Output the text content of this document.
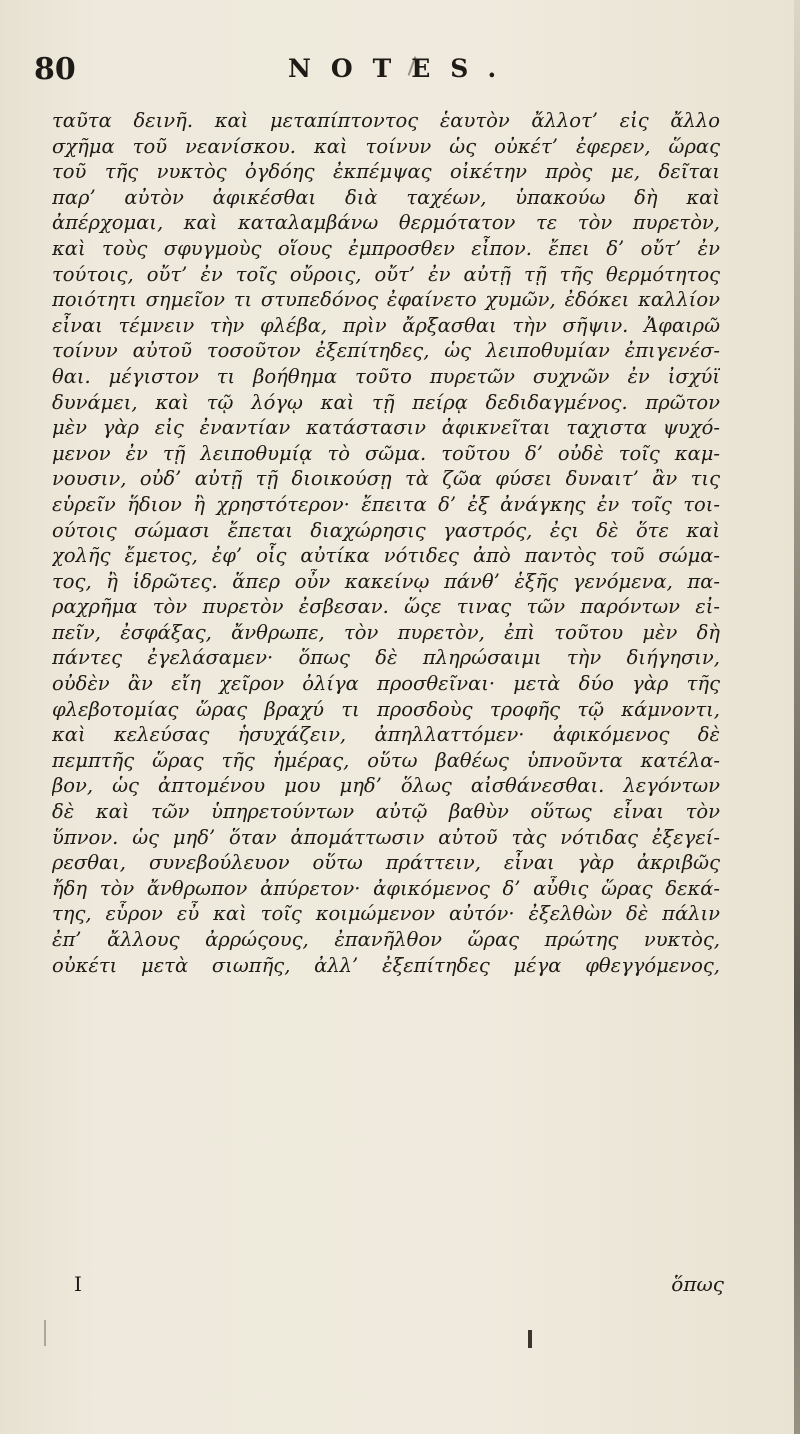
80	NOTES.
ταῦτα δεινῆ. καὶ μεταπίπτοντος ἑαυτὸν ἄλλοτ’ εἰς ἄλλο
σχῆμα τοῦ νεανίσκου. καὶ τοίνυν ὡς οὐκέτ’ ἐφερεν, ὥρας
τοῦ τῆς νυκτὸς ὀγδόης ἐκπέμψας οἰκέτην πρὸς με, δεῖται
παρ’ αὐτὸν ἀφικέσθαι διὰ ταχέων, ὑπακούω δὴ καὶ
ἀπέρχομαι, καὶ καταλαμβάνω θερμότατον τε τὸν πυρετὸν,
καὶ τοὺς σφυγμοὺς οἵους ἐμπροσθεν εἶπον. ἔπει δ’ οὔτ’ ἐν
τούτοις, οὔτ’ ἐν τοῖς οὔροις, οὔτ’ ἐν αὐτῇ τῇ τῆς θερμότητος
ποιότητι σημεῖον τι στυπεδόνος ἐφαίνετο χυμῶν, ἐδόκει καλλίον
εἶναι τέμνειν τὴν φλέβα, πρὶν ἄρξασθαι τὴν σῆψιν. Ἀφαιρῶ
τοίνυν αὐτοῦ τοσοῦτον ἐξεπίτηδες, ὡς λειποθυμίαν ἐπιγενέσ-
θαι. μέγιστον τι βοήθημα τοῦτο πυρετῶν συχνῶν ἐν ἰσχύϊ
δυνάμει, καὶ τῷ λόγῳ καὶ τῇ πείρᾳ δεδιδαγμένος. πρῶτον
μὲν γὰρ εἰς ἐναντίαν κατάστασιν ἀφικνεῖται ταχιστα ψυχό-
μενον ἐν τῇ λειποθυμίᾳ τὸ σῶμα. τοῦτου δ’ οὐδὲ τοῖς καμ-
νουσιν, οὐδ’ αὐτῇ τῇ διοικούσῃ τὰ ζῶα φύσει δυναιτ’ ἂν τις
εὑρεῖν ἥδιον ἢ χρηστότερον· ἔπειτα δ’ ἐξ ἀνάγκης ἐν τοῖς τοι-
ούτοις σώμασι ἔπεται διαχώρησις γαστρός, ἐςι δὲ ὅτε καὶ
χολῆς ἔμετος, ἐφ’ οἷς αὐτίκα νότιδες ἀπὸ παντὸς τοῦ σώμα-
τος, ἢ ἱδρῶτες. ἅπερ οὖν κακείνῳ πάνθ’ ἑξῆς γενόμενα, πα-
ραχρῆμα τὸν πυρετὸν ἐσβεσαν. ὥςε τινας τῶν παρόντων εἰ-
πεῖν, ἐσφάξας, ἄνθρωπε, τὸν πυρετὸν, ἐπὶ τοῦτου μὲν δὴ
πάντες ἐγελάσαμεν· ὅπως δὲ πληρώσαιμι τὴν διήγησιν,
οὐδὲν ἂν εἴη χεῖρον ὀλίγα προσθεῖναι· μετὰ δύο γὰρ τῆς
φλεβοτομίας ὥρας βραχύ τι προσδοὺς τροφῆς τῷ κάμνοντι,
καὶ κελεύσας ἡσυχάζειν, ἀπηλλαττόμεν· ἀφικόμενος δὲ
πεμπτῆς ὥρας τῆς ἡμέρας, οὕτω βαθέως ὑπνοῦντα κατέλα-
βον, ὡς ἀπτομένου μου μηδ’ ὅλως αἰσθάνεσθαι. λεγόντων
δὲ καὶ τῶν ὑπηρετούντων αὐτῷ βαθὺν οὕτως εἶναι τὸν
ὕπνον. ὡς μηδ’ ὅταν ἀπομάττωσιν αὐτοῦ τὰς νότιδας ἐξεγεί-
ρεσθαι, συνεβούλευον οὕτω πράττειν, εἶναι γὰρ ἀκριβῶς
ἤδη τὸν ἄνθρωπον ἀπύρετον· ἀφικόμενος δ’ αὖθις ὥρας δεκά-
της, εὗρον εὖ καὶ τοῖς κοιμώμενον αὐτόν· ἐξελθὼν δὲ πάλιν
ἐπ’ ἄλλους ἀρρώςους, ἐπανῆλθον ὥρας πρώτης νυκτὸς,
οὐκέτι μετὰ σιωπῆς, ἀλλ’ ἐξεπίτηδες μέγα φθεγγόμενος,
I	ὅπως
